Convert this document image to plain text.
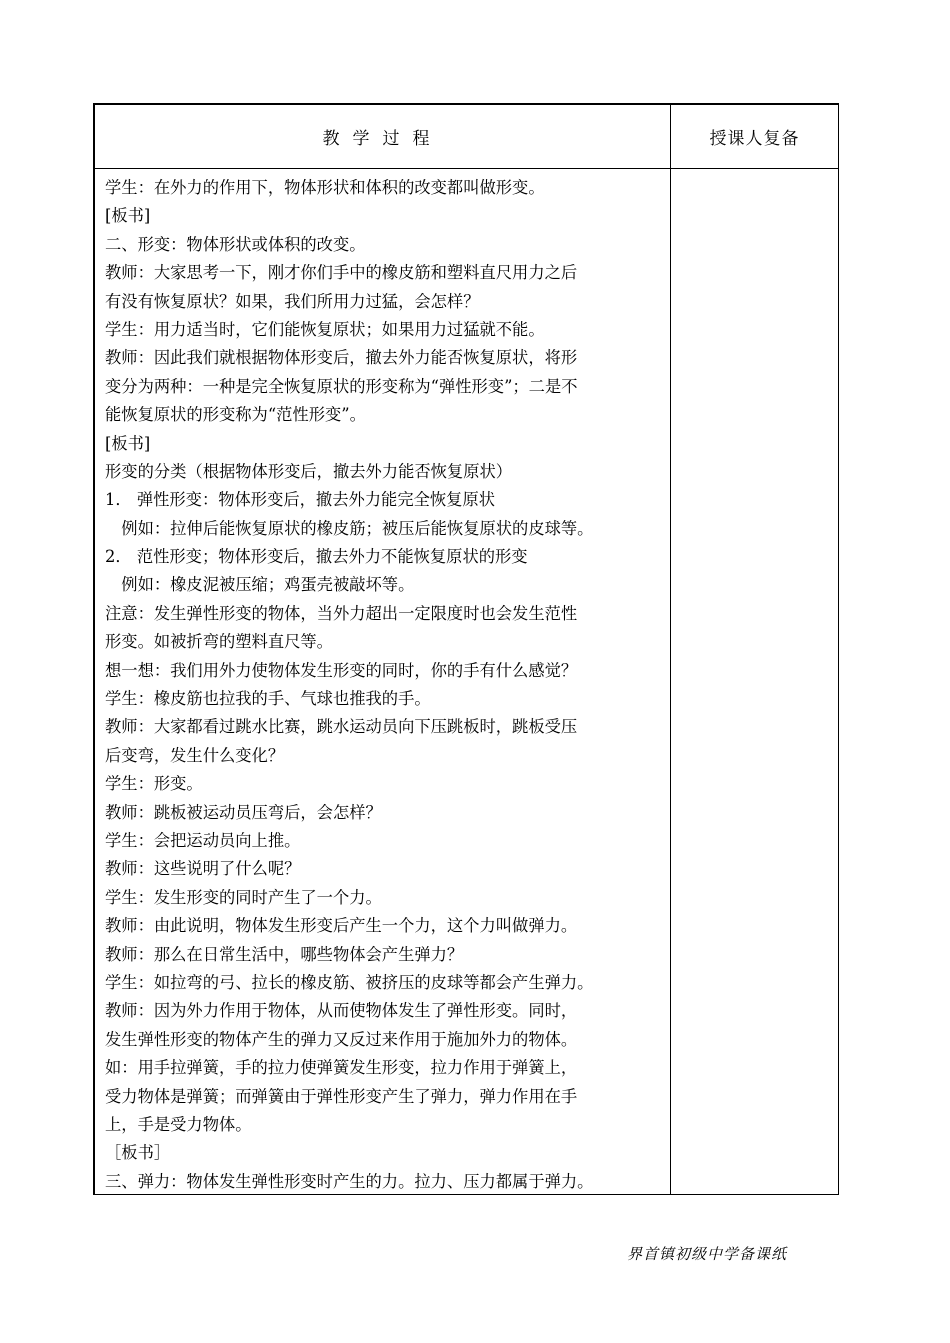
教学过程	授课人复备
学生：在外力的作用下，物体形状和体积的改变都叫做形变。
[板书]
二、形变：物体形状或体积的改变。
教师：大家思考一下，刚才你们手中的橡皮筋和塑料直尺用力之后
有没有恢复原状？如果，我们所用力过猛，会怎样？
学生：用力适当时，它们能恢复原状；如果用力过猛就不能。
教师：因此我们就根据物体形变后，撤去外力能否恢复原状，将形
变分为两种：一种是完全恢复原状的形变称为“弹性形变”；二是不
能恢复原状的形变称为“范性形变”。
[板书]
形变的分类（根据物体形变后，撤去外力能否恢复原状）
1． 弹性形变：物体形变后，撤去外力能完全恢复原状
　例如：拉伸后能恢复原状的橡皮筋；被压后能恢复原状的皮球等。
2． 范性形变；物体形变后，撤去外力不能恢复原状的形变
　例如：橡皮泥被压缩；鸡蛋壳被敲坏等。
注意：发生弹性形变的物体，当外力超出一定限度时也会发生范性
形变。如被折弯的塑料直尺等。
想一想：我们用外力使物体发生形变的同时，你的手有什么感觉？
学生：橡皮筋也拉我的手、气球也推我的手。
教师：大家都看过跳水比赛，跳水运动员向下压跳板时，跳板受压
后变弯，发生什么变化？
学生：形变。
教师：跳板被运动员压弯后，会怎样？
学生：会把运动员向上推。
教师：这些说明了什么呢？
学生：发生形变的同时产生了一个力。
教师：由此说明，物体发生形变后产生一个力，这个力叫做弹力。
教师：那么在日常生活中，哪些物体会产生弹力？
学生：如拉弯的弓、拉长的橡皮筋、被挤压的皮球等都会产生弹力。
教师：因为外力作用于物体，从而使物体发生了弹性形变。同时，
发生弹性形变的物体产生的弹力又反过来作用于施加外力的物体。
如：用手拉弹簧，手的拉力使弹簧发生形变，拉力作用于弹簧上，
受力物体是弹簧；而弹簧由于弹性形变产生了弹力，弹力作用在手
上，手是受力物体。
［板书］
三、弹力：物体发生弹性形变时产生的力。拉力、压力都属于弹力。
界首镇初级中学备课纸
